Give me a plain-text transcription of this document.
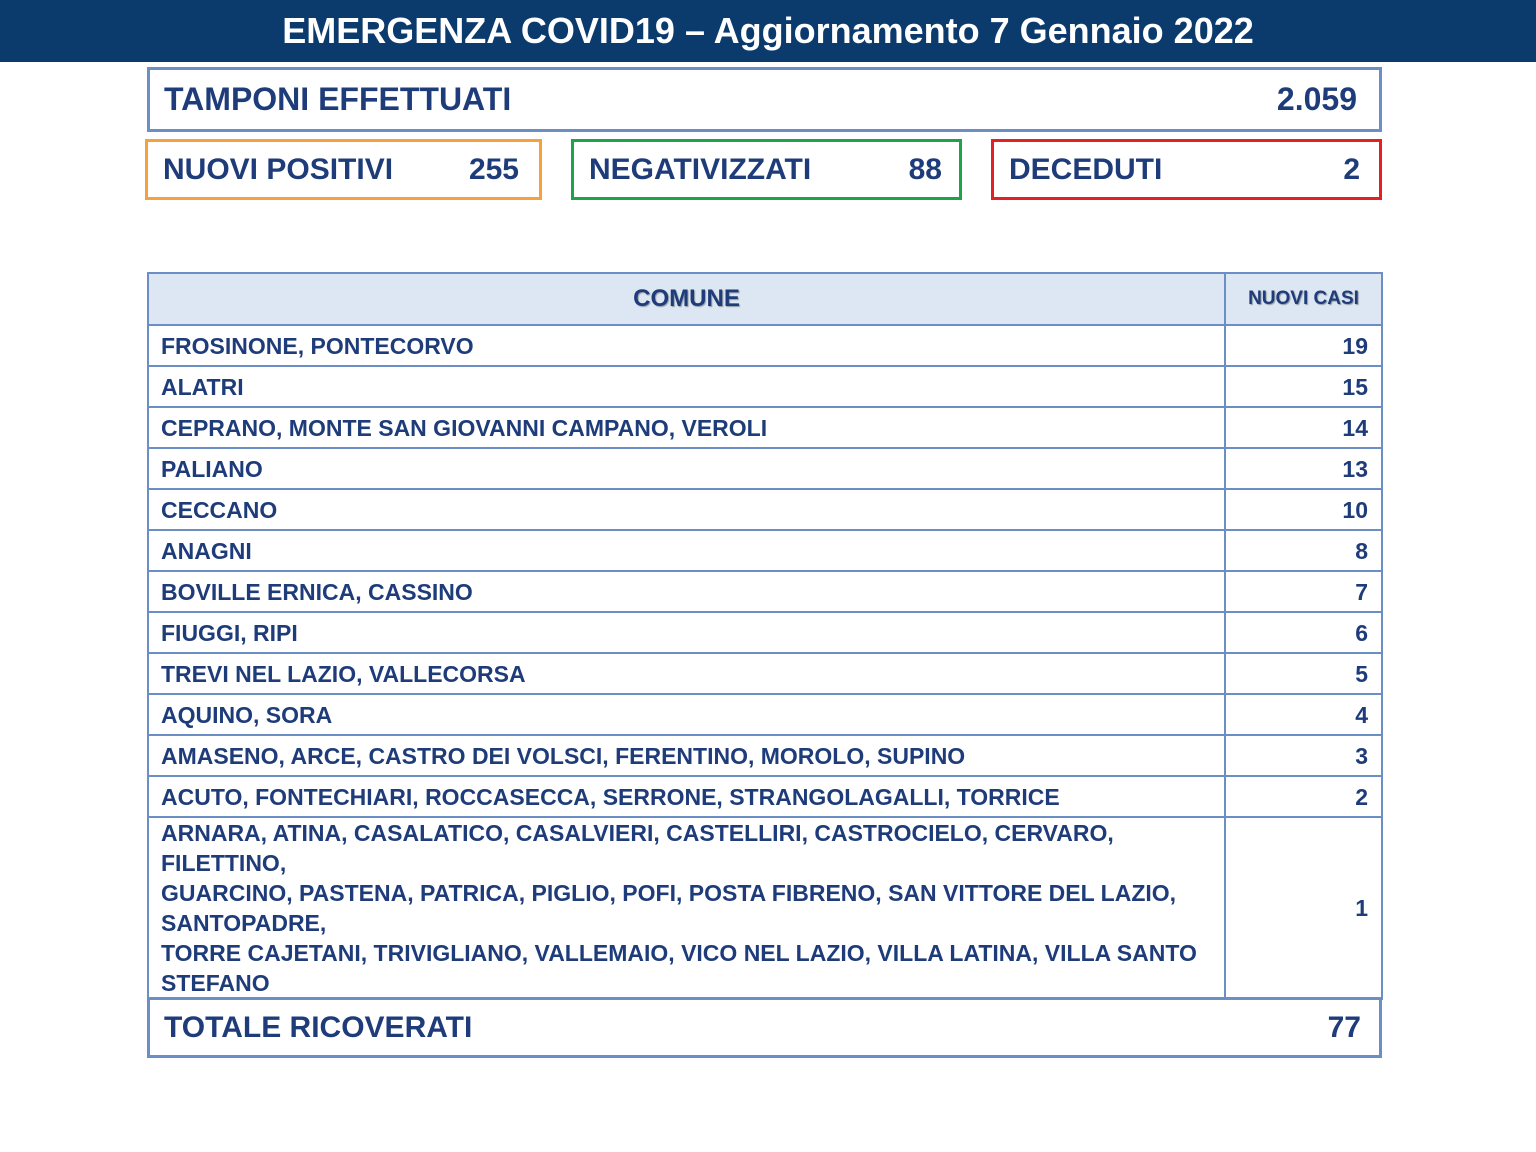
EMERGENZA COVID19 – Aggiornamento 7 Gennaio 2022
TAMPONI EFFETTUATI	2.059
NUOVI POSITIVI	255 NEGATIVIZZATI	88 DECEDUTI	2
COMUNE	NUOVI CASI
FROSINONE, PONTECORVO	19
ALATRI	15
CEPRANO, MONTE SAN GIOVANNI CAMPANO, VEROLI	14
PALIANO	13
CECCANO	10
ANAGNI	8
BOVILLE ERNICA, CASSINO	7
FIUGGI, RIPI	6
TREVI NEL LAZIO, VALLECORSA	5
AQUINO, SORA	4
AMASENO, ARCE, CASTRO DEI VOLSCI, FERENTINO, MOROLO, SUPINO	3
ACUTO, FONTECHIARI, ROCCASECCA, SERRONE, STRANGOLAGALLI, TORRICE	2

ARNARA, ATINA, CASALATICO, CASALVIERI, CASTELLIRI, CASTROCIELO, CERVARO, FILETTINO,
GUARCINO, PASTENA, PATRICA, PIGLIO, POFI, POSTA FIBRENO, SAN VITTORE DEL LAZIO, SANTOPADRE,
TORRE CAJETANI, TRIVIGLIANO, VALLEMAIO, VICO NEL LAZIO, VILLA LATINA, VILLA SANTO STEFANO	1
TOTALE RICOVERATI	77
